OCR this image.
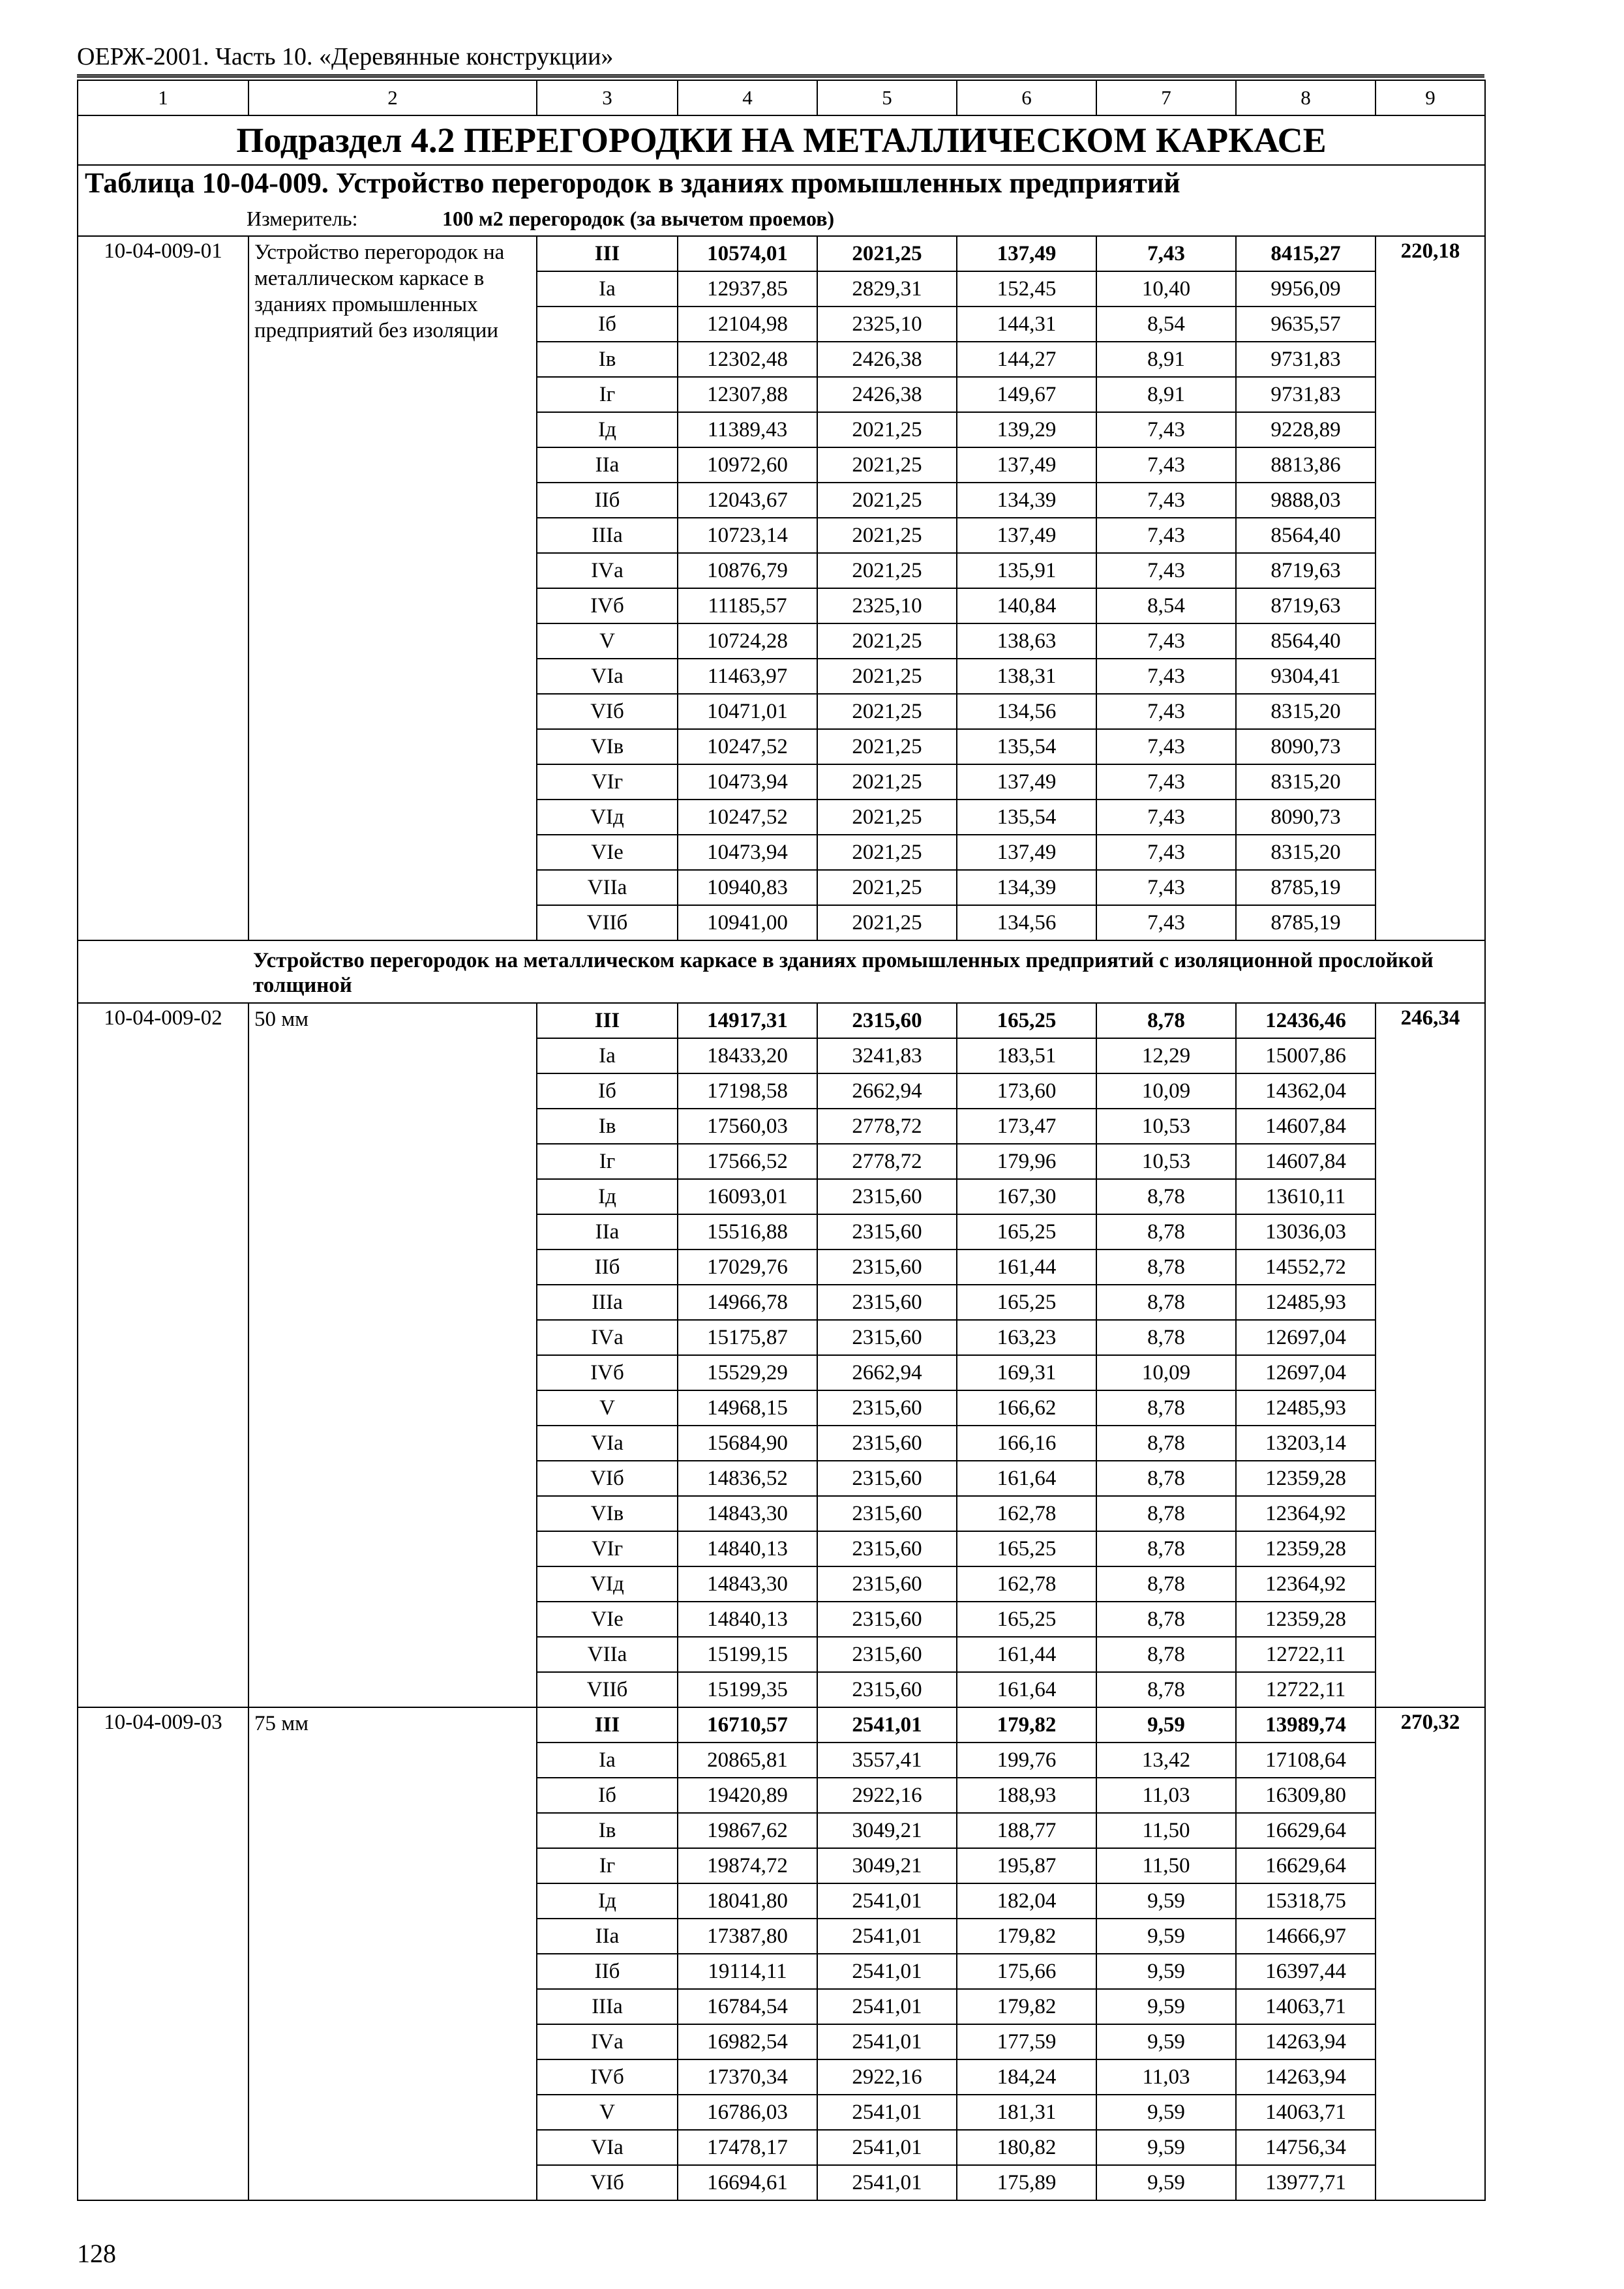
ОЕРЖ-2001. Часть 10. «Деревянные конструкции»
1	2	3	4	5	6	7	8	9
Подраздел 4.2 ПЕРЕГОРОДКИ НА МЕТАЛЛИЧЕСКОМ КАРКАСЕ								
Таблица 10-04-009. Устройство перегородок в зданиях промышленных предприятий								
Измеритель: 100 м2 перегородок (за вычетом проемов)								
10-04-009-01	Устройство перегородок на металлическом каркасе в зданиях промышленных предприятий без изоляции	III	10574,01	2021,25	137,49	7,43	8415,27	220,18
		Iа	12937,85	2829,31	152,45	10,40	9956,09	
		Iб	12104,98	2325,10	144,31	8,54	9635,57	
		Iв	12302,48	2426,38	144,27	8,91	9731,83	
		Iг	12307,88	2426,38	149,67	8,91	9731,83	
		Iд	11389,43	2021,25	139,29	7,43	9228,89	
		IIа	10972,60	2021,25	137,49	7,43	8813,86	
		IIб	12043,67	2021,25	134,39	7,43	9888,03	
		IIIа	10723,14	2021,25	137,49	7,43	8564,40	
		IVа	10876,79	2021,25	135,91	7,43	8719,63	
		IVб	11185,57	2325,10	140,84	8,54	8719,63	
		V	10724,28	2021,25	138,63	7,43	8564,40	
		VIа	11463,97	2021,25	138,31	7,43	9304,41	
		VIб	10471,01	2021,25	134,56	7,43	8315,20	
		VIв	10247,52	2021,25	135,54	7,43	8090,73	
		VIг	10473,94	2021,25	137,49	7,43	8315,20	
		VIд	10247,52	2021,25	135,54	7,43	8090,73	
		VIе	10473,94	2021,25	137,49	7,43	8315,20	
		VIIа	10940,83	2021,25	134,39	7,43	8785,19	
		VIIб	10941,00	2021,25	134,56	7,43	8785,19	

Устройство перегородок на металлическом каркасе в зданиях промышленных предприятий с изоляционной прослойкой толщиной								

10-04-009-02	50 мм	III	14917,31	2315,60	165,25	8,78	12436,46	246,34
		Iа	18433,20	3241,83	183,51	12,29	15007,86	
		Iб	17198,58	2662,94	173,60	10,09	14362,04	
		Iв	17560,03	2778,72	173,47	10,53	14607,84	
		Iг	17566,52	2778,72	179,96	10,53	14607,84	
		Iд	16093,01	2315,60	167,30	8,78	13610,11	
		IIа	15516,88	2315,60	165,25	8,78	13036,03	
		IIб	17029,76	2315,60	161,44	8,78	14552,72	
		IIIа	14966,78	2315,60	165,25	8,78	12485,93	
		IVа	15175,87	2315,60	163,23	8,78	12697,04	
		IVб	15529,29	2662,94	169,31	10,09	12697,04	
		V	14968,15	2315,60	166,62	8,78	12485,93	
		VIа	15684,90	2315,60	166,16	8,78	13203,14	
		VIб	14836,52	2315,60	161,64	8,78	12359,28	
		VIв	14843,30	2315,60	162,78	8,78	12364,92	
		VIг	14840,13	2315,60	165,25	8,78	12359,28	
		VIд	14843,30	2315,60	162,78	8,78	12364,92	
		VIе	14840,13	2315,60	165,25	8,78	12359,28	
		VIIа	15199,15	2315,60	161,44	8,78	12722,11	
		VIIб	15199,35	2315,60	161,64	8,78	12722,11	
10-04-009-03	75 мм	III	16710,57	2541,01	179,82	9,59	13989,74	270,32
		Iа	20865,81	3557,41	199,76	13,42	17108,64	
		Iб	19420,89	2922,16	188,93	11,03	16309,80	
		Iв	19867,62	3049,21	188,77	11,50	16629,64	
		Iг	19874,72	3049,21	195,87	11,50	16629,64	
		Iд	18041,80	2541,01	182,04	9,59	15318,75	
		IIа	17387,80	2541,01	179,82	9,59	14666,97	
		IIб	19114,11	2541,01	175,66	9,59	16397,44	
		IIIа	16784,54	2541,01	179,82	9,59	14063,71	
		IVа	16982,54	2541,01	177,59	9,59	14263,94	
		IVб	17370,34	2922,16	184,24	11,03	14263,94	
		V	16786,03	2541,01	181,31	9,59	14063,71	
		VIа	17478,17	2541,01	180,82	9,59	14756,34	
		VIб	16694,61	2541,01	175,89	9,59	13977,71	
128
